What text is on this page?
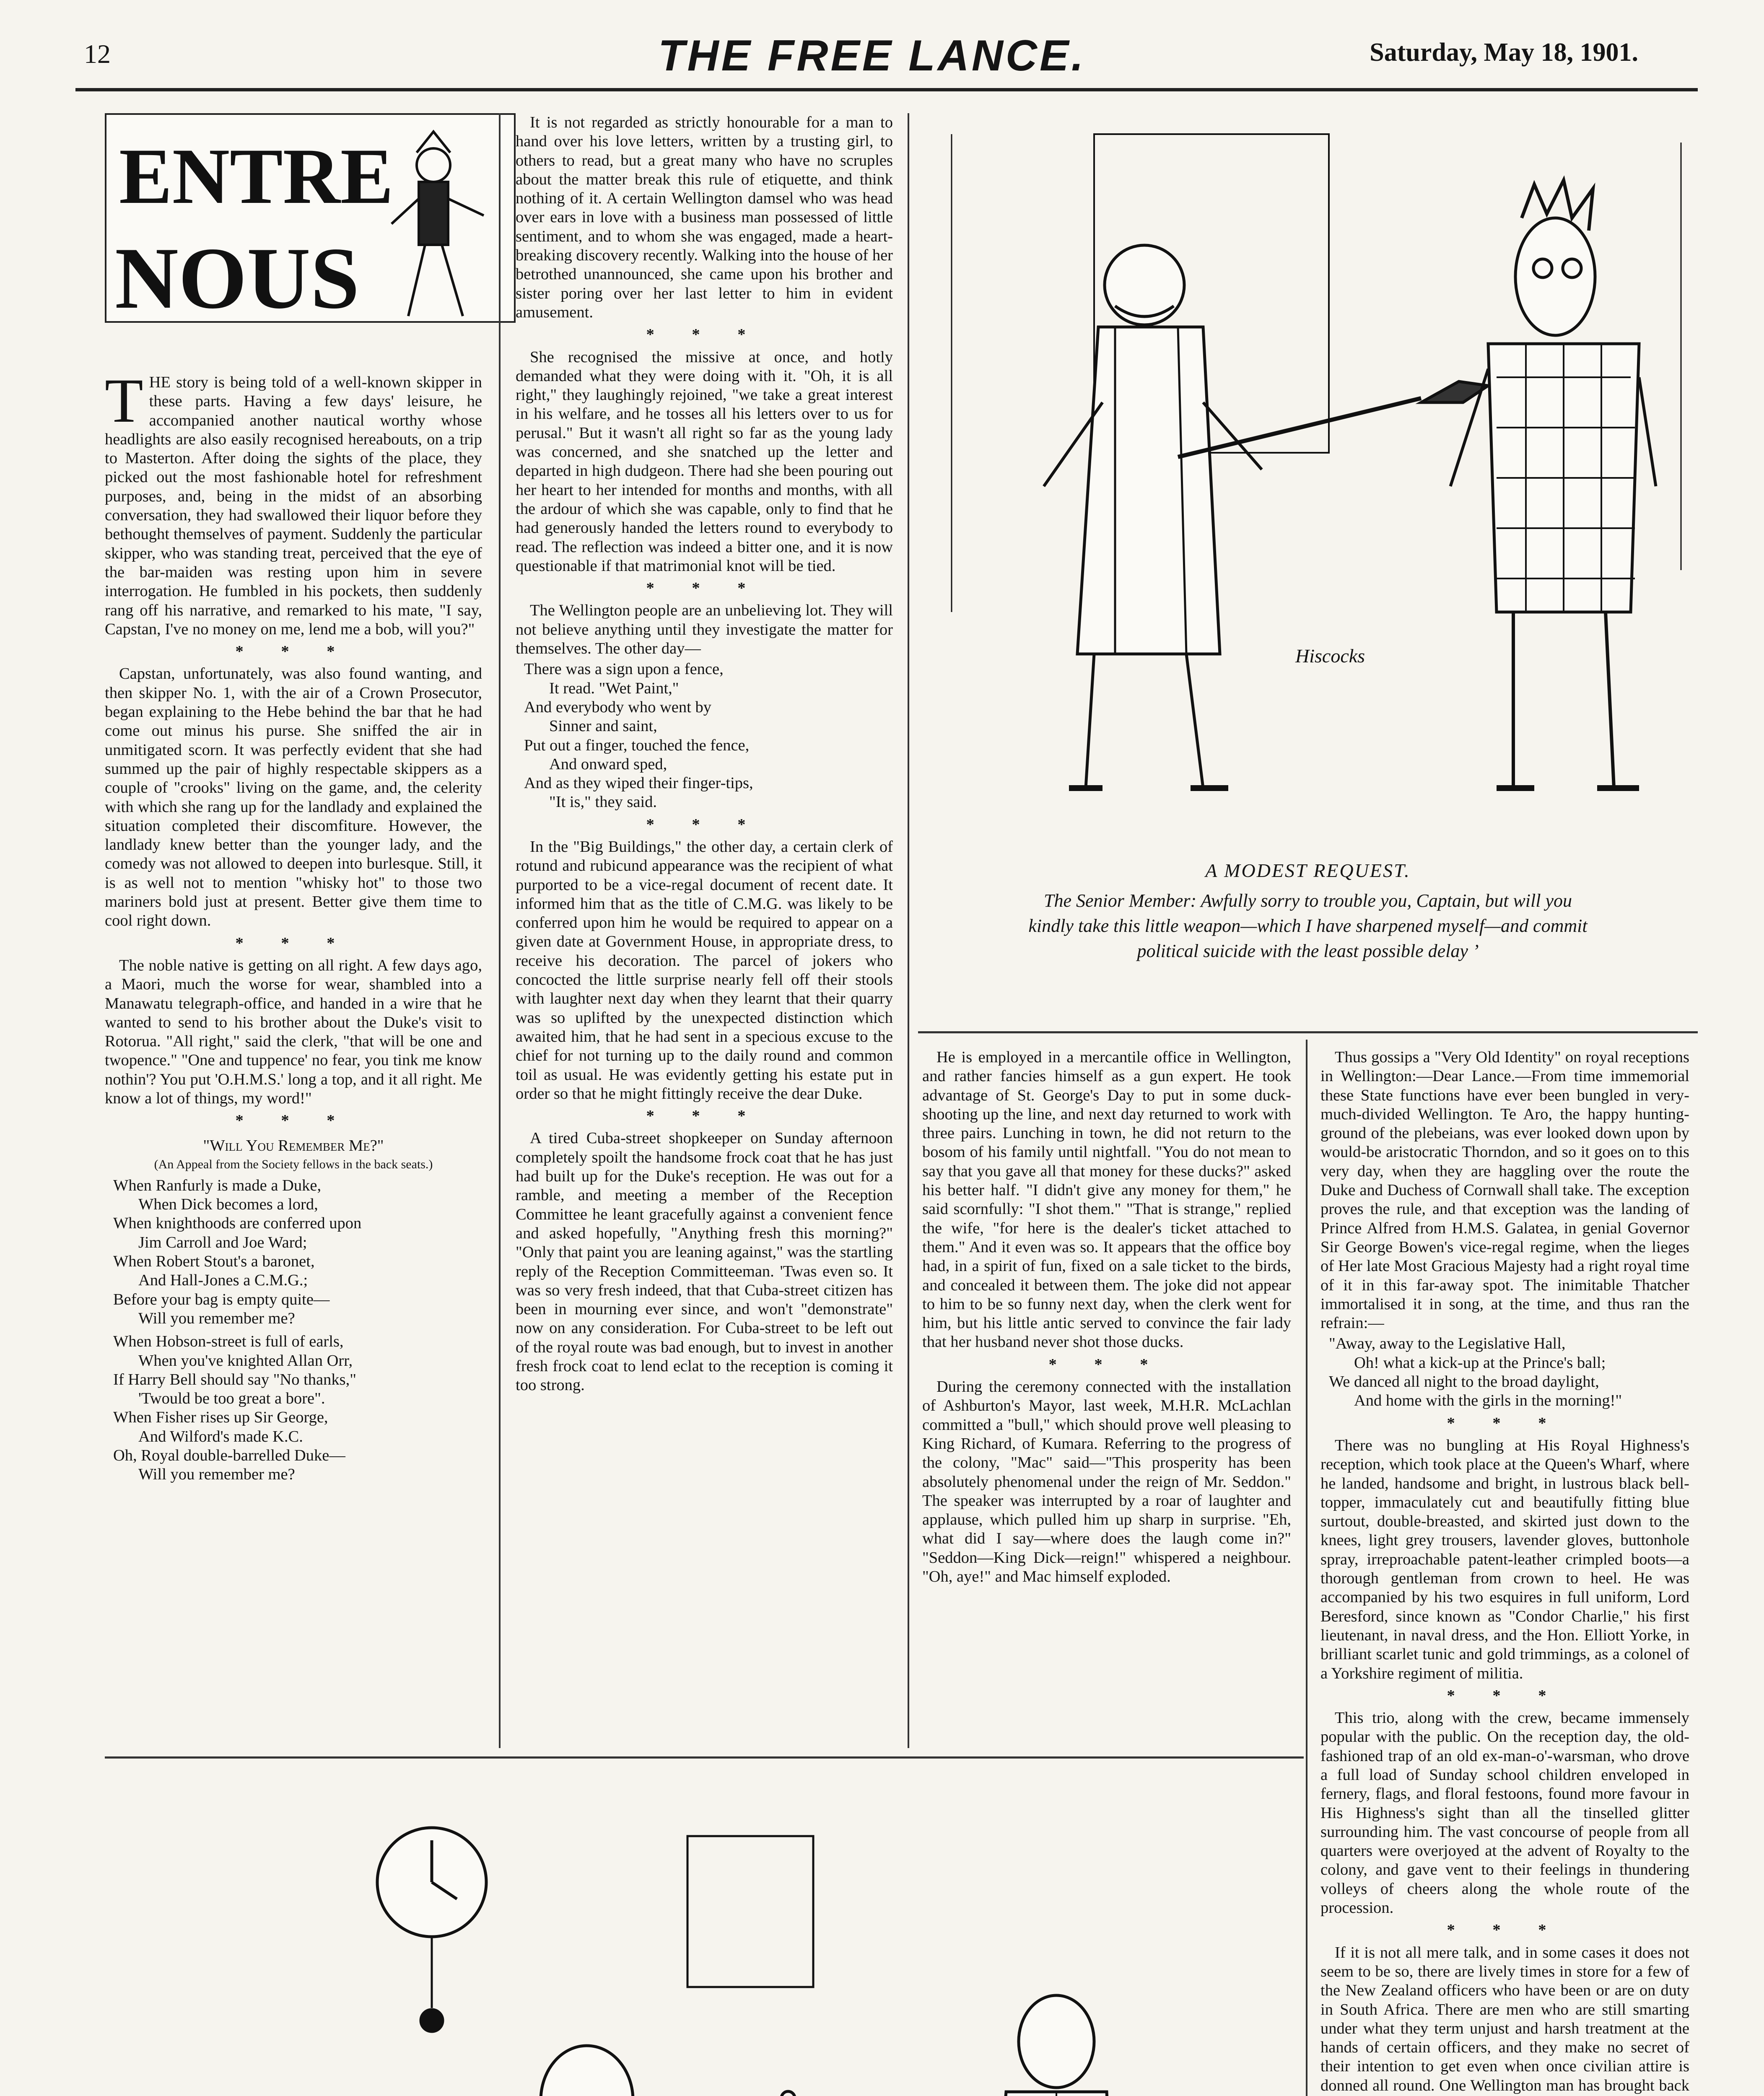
12	THE FREE LANCE.	Saturday, May 18, 1901.
ENTRE
NOUS

THE story is being told of a well-known skipper in these parts. Having a few days' leisure, he accompanied another nautical worthy whose headlights are also easily recognised hereabouts, on a trip to Masterton. After doing the sights of the place, they picked out the most fashionable hotel for refreshment purposes, and, being in the midst of an absorbing conversation, they had swallowed their liquor before they bethought themselves of payment. Suddenly the particular skipper, who was standing treat, perceived that the eye of the bar-maiden was resting upon him in severe interrogation. He fumbled in his pockets, then suddenly rang off his narrative, and remarked to his mate, "I say, Capstan, I've no money on me, lend me a bob, will you?"

* * *

Capstan, unfortunately, was also found wanting, and then skipper No. 1, with the air of a Crown Prosecutor, began explaining to the Hebe behind the bar that he had come out minus his purse. She sniffed the air in unmitigated scorn. It was perfectly evident that she had summed up the pair of highly respectable skippers as a couple of "crooks" living on the game, and, the celerity with which she rang up for the landlady and explained the situation completed their discomfiture. However, the landlady knew better than the younger lady, and the comedy was not allowed to deepen into burlesque. Still, it is as well not to mention "whisky hot" to those two mariners bold just at present. Better give them time to cool right down.

* * *

The noble native is getting on all right. A few days ago, a Maori, much the worse for wear, shambled into a Manawatu telegraph-office, and handed in a wire that he wanted to send to his brother about the Duke's visit to Rotorua. "All right," said the clerk, "that will be one and twopence." "One and tuppence' no fear, you tink me know nothin'? You put 'O.H.M.S.' long a top, and it all right. Me know a lot of things, my word!"

* * *
"Will You Remember Me?"
(An Appeal from the Society fellows in the back seats.)
When Ranfurly is made a Duke,
When Dick becomes a lord,
When knighthoods are conferred upon
Jim Carroll and Joe Ward;
When Robert Stout's a baronet,
And Hall-Jones a C.M.G.;
Before your bag is empty quite—
Will you remember me?
When Hobson-street is full of earls,
When you've knighted Allan Orr,
If Harry Bell should say "No thanks,"
'Twould be too great a bore".
When Fisher rises up Sir George,
And Wilford's made K.C.
Oh, Royal double-barrelled Duke—
Will you remember me?

It is not regarded as strictly honourable for a man to hand over his love letters, written by a trusting girl, to others to read, but a great many who have no scruples about the matter break this rule of etiquette, and think nothing of it. A certain Wellington damsel who was head over ears in love with a business man possessed of little sentiment, and to whom she was engaged, made a heart-breaking discovery recently. Walking into the house of her betrothed unannounced, she came upon his brother and sister poring over her last letter to him in evident amusement.

* * *

She recognised the missive at once, and hotly demanded what they were doing with it. "Oh, it is all right," they laughingly rejoined, "we take a great interest in his welfare, and he tosses all his letters over to us for perusal." But it wasn't all right so far as the young lady was concerned, and she snatched up the letter and departed in high dudgeon. There had she been pouring out her heart to her intended for months and months, with all the ardour of which she was capable, only to find that he had generously handed the letters round to everybody to read. The reflection was indeed a bitter one, and it is now questionable if that matrimonial knot will be tied.

* * *

The Wellington people are an unbelieving lot. They will not believe anything until they investigate the matter for themselves. The other day—

There was a sign upon a fence,
It read. "Wet Paint,"
And everybody who went by
Sinner and saint,
Put out a finger, touched the fence,
And onward sped,
And as they wiped their finger-tips,
"It is," they said.
* * *

In the "Big Buildings," the other day, a certain clerk of rotund and rubicund appearance was the recipient of what purported to be a vice-regal document of recent date. It informed him that as the title of C.M.G. was likely to be conferred upon him he would be required to appear on a given date at Government House, in appropriate dress, to receive his decoration. The parcel of jokers who concocted the little surprise nearly fell off their stools with laughter next day when they learnt that their quarry was so uplifted by the unexpected distinction which awaited him, that he had sent in a specious excuse to the chief for not turning up to the daily round and common toil as usual. He was evidently getting his estate put in order so that he might fittingly receive the dear Duke.

* * *

A tired Cuba-street shopkeeper on Sunday afternoon completely spoilt the handsome frock coat that he has just had built up for the Duke's reception. He was out for a ramble, and meeting a member of the Reception Committee he leant gracefully against a convenient fence and asked hopefully, "Anything fresh this morning?" "Only that paint you are leaning against," was the startling reply of the Reception Committeeman. 'Twas even so. It was so very fresh indeed, that that Cuba-street citizen has been in mourning ever since, and won't "demonstrate" now on any consideration. For Cuba-street to be left out of the royal route was bad enough, but to invest in another fresh frock coat to lend eclat to the reception is coming it too strong.

Hiscocks
A MODEST REQUEST.
The Senior Member: Awfully sorry to trouble you, Captain, but will you
kindly take this little weapon—which I have sharpened myself—and commit
political suicide with the least possible delay ’

He is employed in a mercantile office in Wellington, and rather fancies himself as a gun expert. He took advantage of St. George's Day to put in some duck-shooting up the line, and next day returned to work with three pairs. Lunching in town, he did not return to the bosom of his family until nightfall. "You do not mean to say that you gave all that money for these ducks?" asked his better half. "I didn't give any money for them," he said scornfully: "I shot them." "That is strange," replied the wife, "for here is the dealer's ticket attached to them." And it even was so. It appears that the office boy had, in a spirit of fun, fixed on a sale ticket to the birds, and concealed it between them. The joke did not appear to him to be so funny next day, when the clerk went for him, but his little antic served to convince the fair lady that her husband never shot those ducks.

* * *

During the ceremony connected with the installation of Ashburton's Mayor, last week, M.H.R. McLachlan committed a "bull," which should prove well pleasing to King Richard, of Kumara. Referring to the progress of the colony, "Mac" said—"This prosperity has been absolutely phenomenal under the reign of Mr. Seddon." The speaker was interrupted by a roar of laughter and applause, which pulled him up sharp in surprise. "Eh, what did I say—where does the laugh come in?" "Seddon—King Dick—reign!" whispered a neighbour. "Oh, aye!" and Mac himself exploded.

Thus gossips a "Very Old Identity" on royal receptions in Wellington:—Dear Lance.—From time immemorial these State functions have ever been bungled in very-much-divided Wellington. Te Aro, the happy hunting-ground of the plebeians, was ever looked down upon by would-be aristocratic Thorndon, and so it goes on to this very day, when they are haggling over the route the Duke and Duchess of Cornwall shall take. The exception proves the rule, and that exception was the landing of Prince Alfred from H.M.S. Galatea, in genial Governor Sir George Bowen's vice-regal regime, when the lieges of Her late Most Gracious Majesty had a right royal time of it in this far-away spot. The inimitable Thatcher immortalised it in song, at the time, and thus ran the refrain:—

"Away, away to the Legislative Hall,
Oh! what a kick-up at the Prince's ball;
We danced all night to the broad daylight,
And home with the girls in the morning!"
* * *

There was no bungling at His Royal Highness's reception, which took place at the Queen's Wharf, where he landed, handsome and bright, in lustrous black bell-topper, immaculately cut and beautifully fitting blue surtout, double-breasted, and skirted just down to the knees, light grey trousers, lavender gloves, buttonhole spray, irreproachable patent-leather crimpled boots—a thorough gentleman from crown to heel. He was accompanied by his two esquires in full uniform, Lord Beresford, since known as "Condor Charlie," his first lieutenant, in naval dress, and the Hon. Elliott Yorke, in brilliant scarlet tunic and gold trimmings, as a colonel of a Yorkshire regiment of militia.

* * *

This trio, along with the crew, became immensely popular with the public. On the reception day, the old-fashioned trap of an old ex-man-o'-warsman, who drove a full load of Sunday school children enveloped in fernery, flags, and floral festoons, found more favour in His Highness's sight than all the tinselled glitter surrounding him. The vast concourse of people from all quarters were overjoyed at the advent of Royalty to the colony, and gave vent to their feelings in thundering volleys of cheers along the whole route of the procession.

* * *

If it is not all mere talk, and in some cases it does not seem to be so, there are lively times in store for a few of the New Zealand officers who have been or are on duty in South Africa. There are men who are still smarting under what they term unjust and harsh treatment at the hands of certain officers, and they make no secret of their intention to get even when once civilian attire is donned all round. One Wellington man has brought back
